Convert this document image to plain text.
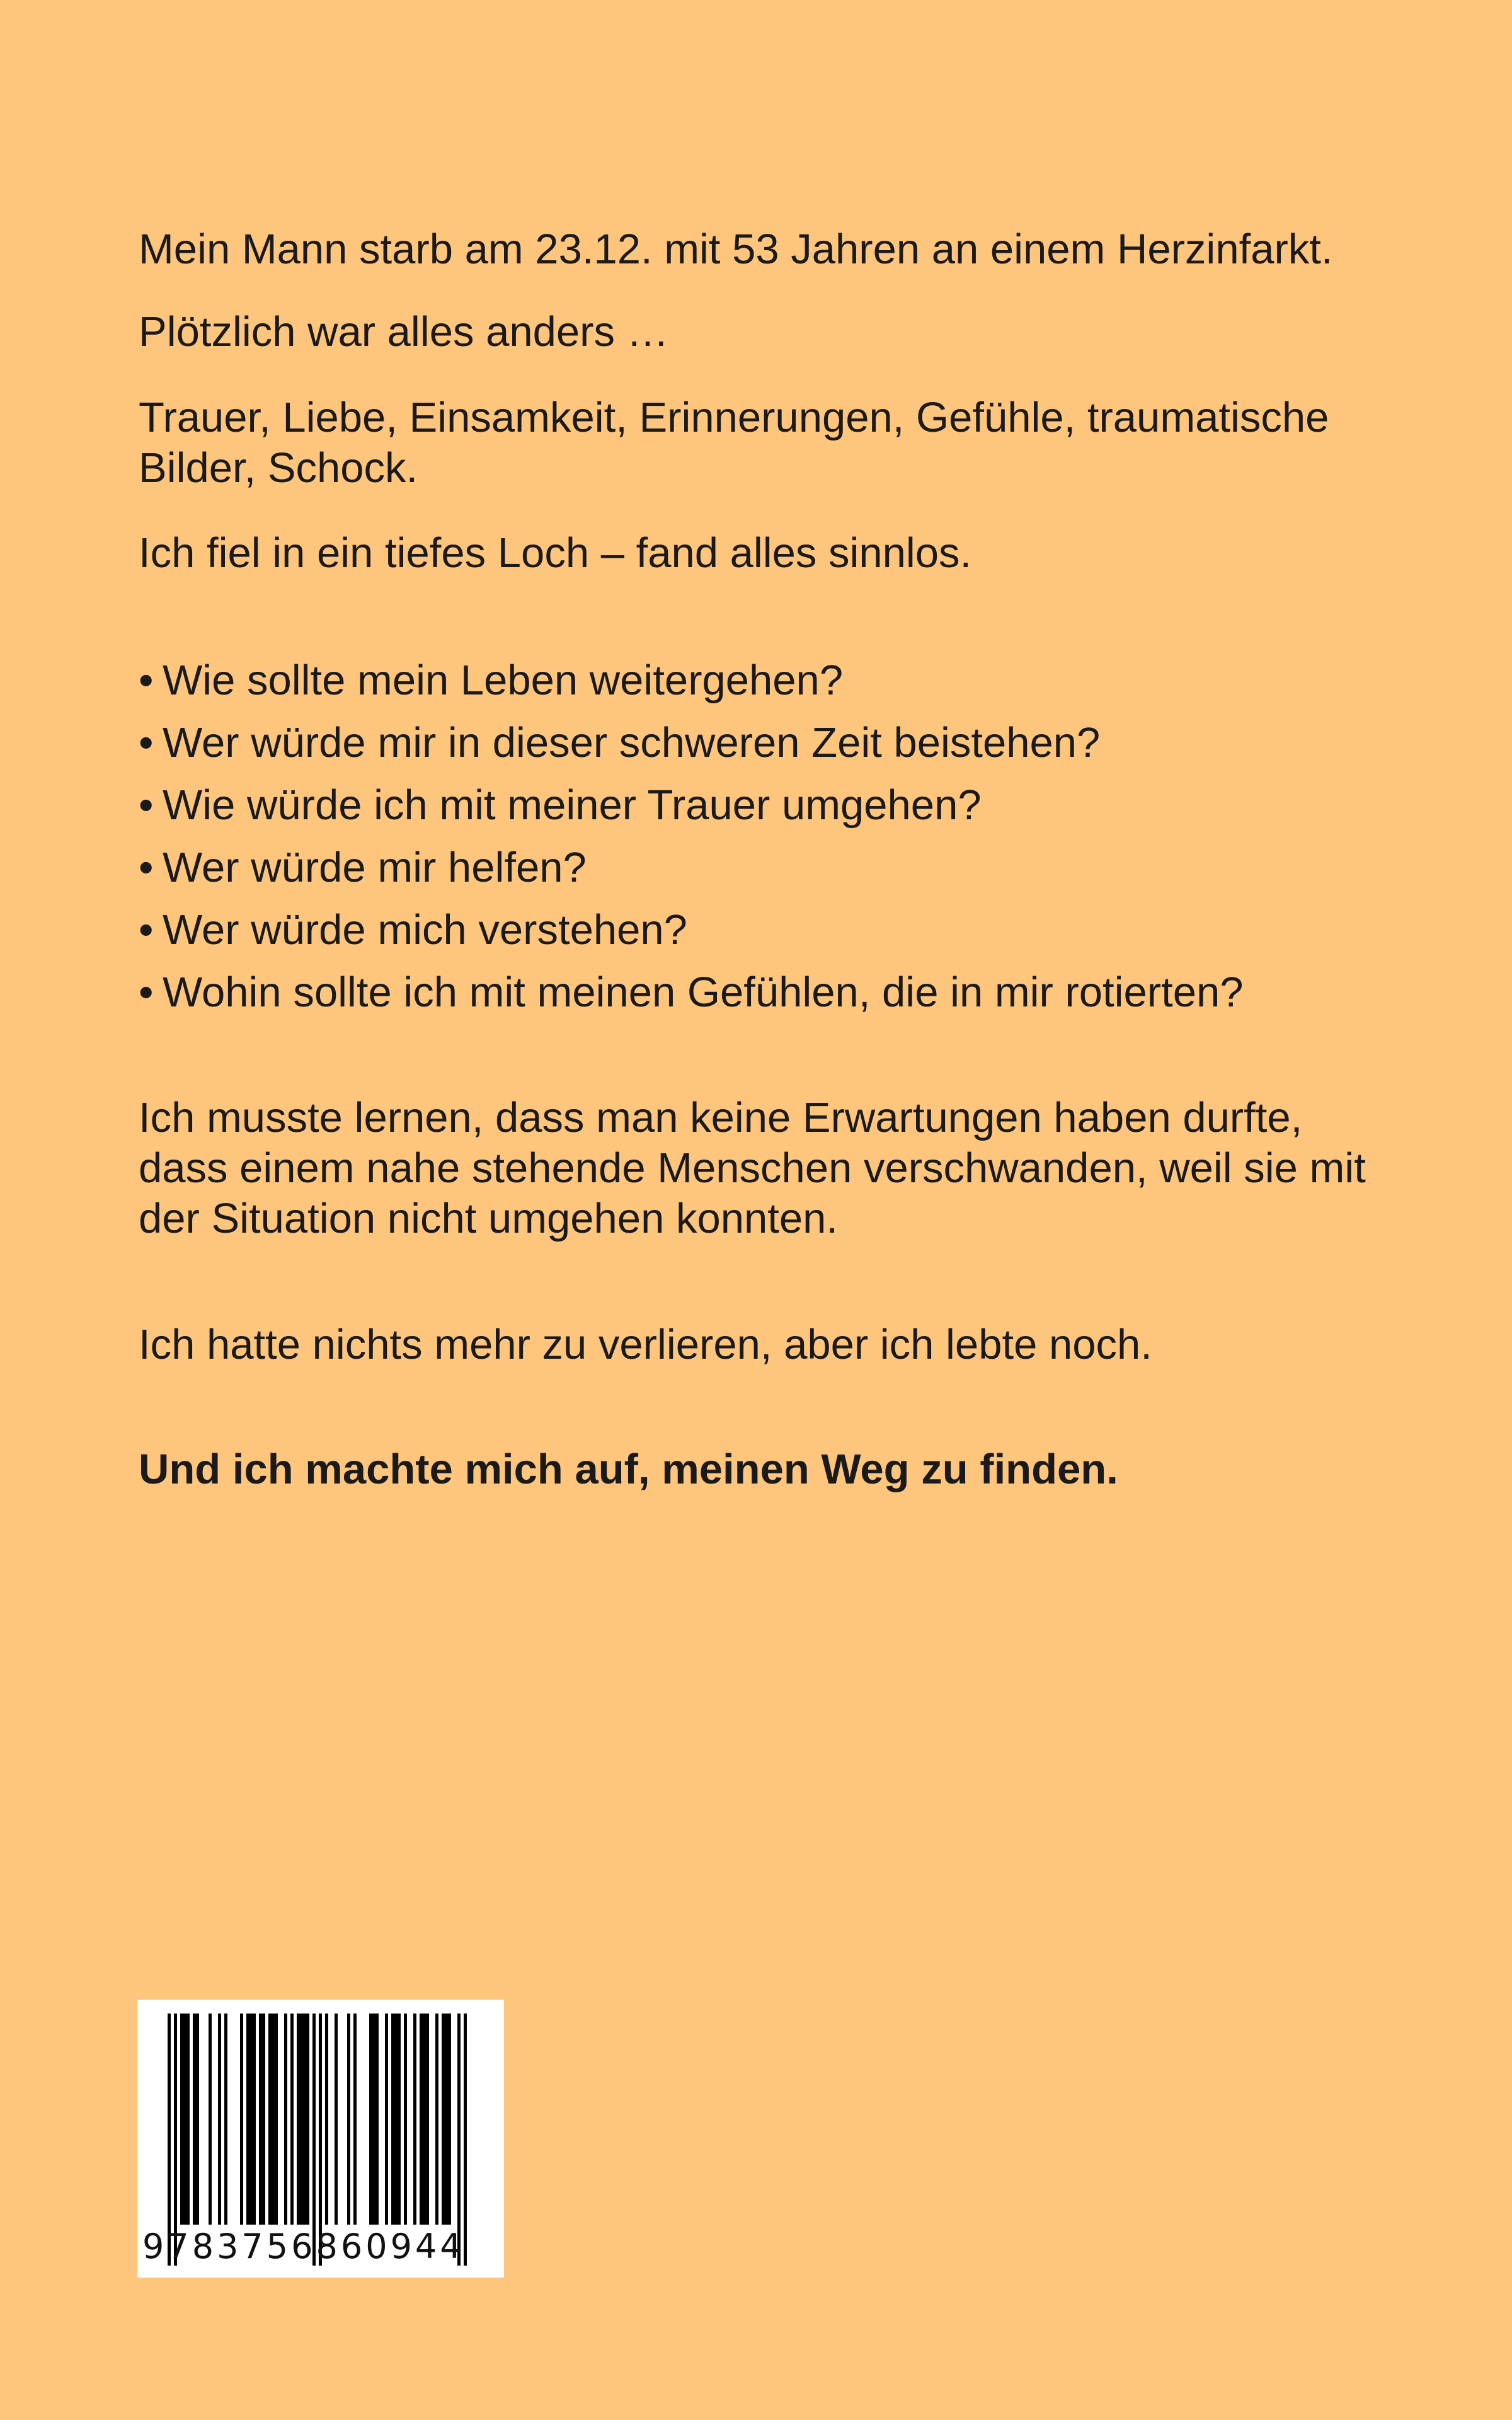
Mein Mann starb am 23.12. mit 53 Jahren an einem Herzinfarkt.

Plötzlich war alles anders …

Trauer, Liebe, Einsamkeit, Erinnerungen, Gefühle, traumatische Bilder, Schock.

Ich fiel in ein tiefes Loch – fand alles sinnlos.

• Wie sollte mein Leben weitergehen?
• Wer würde mir in dieser schweren Zeit beistehen?
• Wie würde ich mit meiner Trauer umgehen?
• Wer würde mir helfen?
• Wer würde mich verstehen?
• Wohin sollte ich mit meinen Gefühlen, die in mir rotierten?

Ich musste lernen, dass man keine Erwartungen haben durfte, dass einem nahe stehende Menschen verschwanden, weil sie mit der Situation nicht umgehen konnten.

Ich hatte nichts mehr zu verlieren, aber ich lebte noch.

Und ich machte mich auf, meinen Weg zu finden.

9783756860944
